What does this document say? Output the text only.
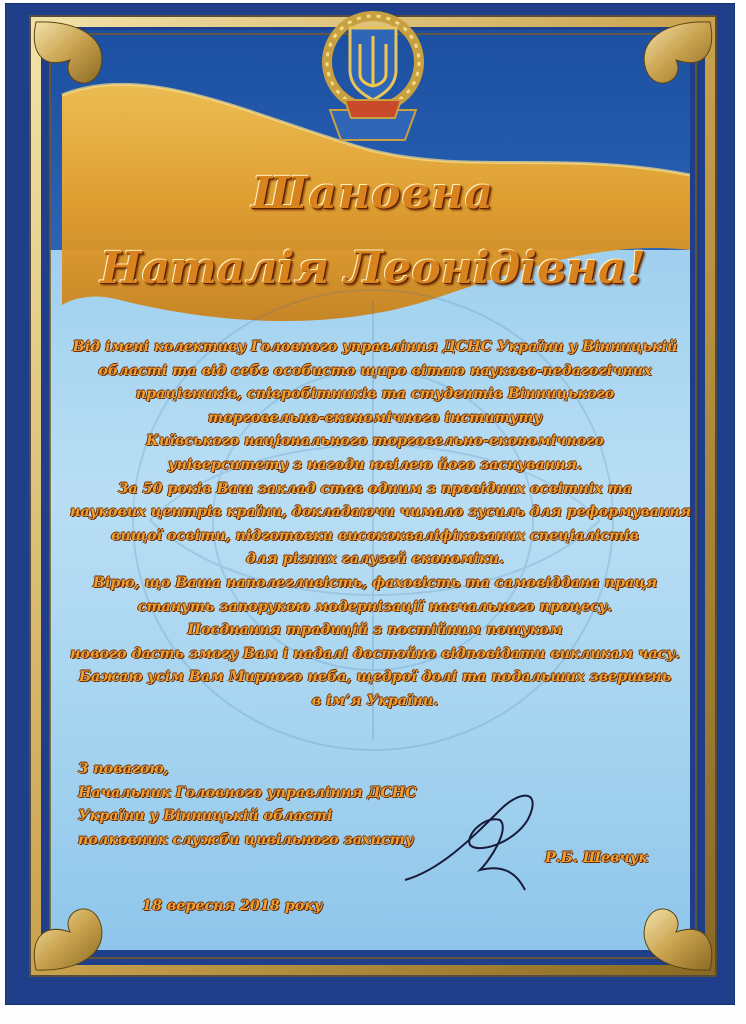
Шановна
Наталія Леонідівна!
Від імені колективу Головного управління ДСНС України у Вінницькій
області та від себе особисто щиро вітаю науково-педагогічних
працівників, співробітників та студентів Вінницького
торговельно-економічного інституту
Київського національного торговельно-економічного
університету з нагоди ювілею його заснування.
За 50 років Ваш заклад став одним з провідних освітніх та
наукових центрів країни, докладаючи чимало зусиль для реформування
вищої освіти, підготовки висококваліфікованих спеціалістів
для різних галузей економіки.
Вірю, що Ваша наполегливість, фаховість та самовіддана праця
стануть запорукою модернізації навчального процесу.
Поєднання традицій з постійним пошуком
нового дасть змогу Вам і надалі достойно відповідати викликам часу.
Бажаю усім Вам Мирного неба, щедрої долі та подальших звершень
в ім’я України.
З повагою,
Начальник Головного управління ДСНС
України у Вінницькій області
полковник служби цивільного захисту
Р.Б. Шевчук
18 вересня 2018 року
